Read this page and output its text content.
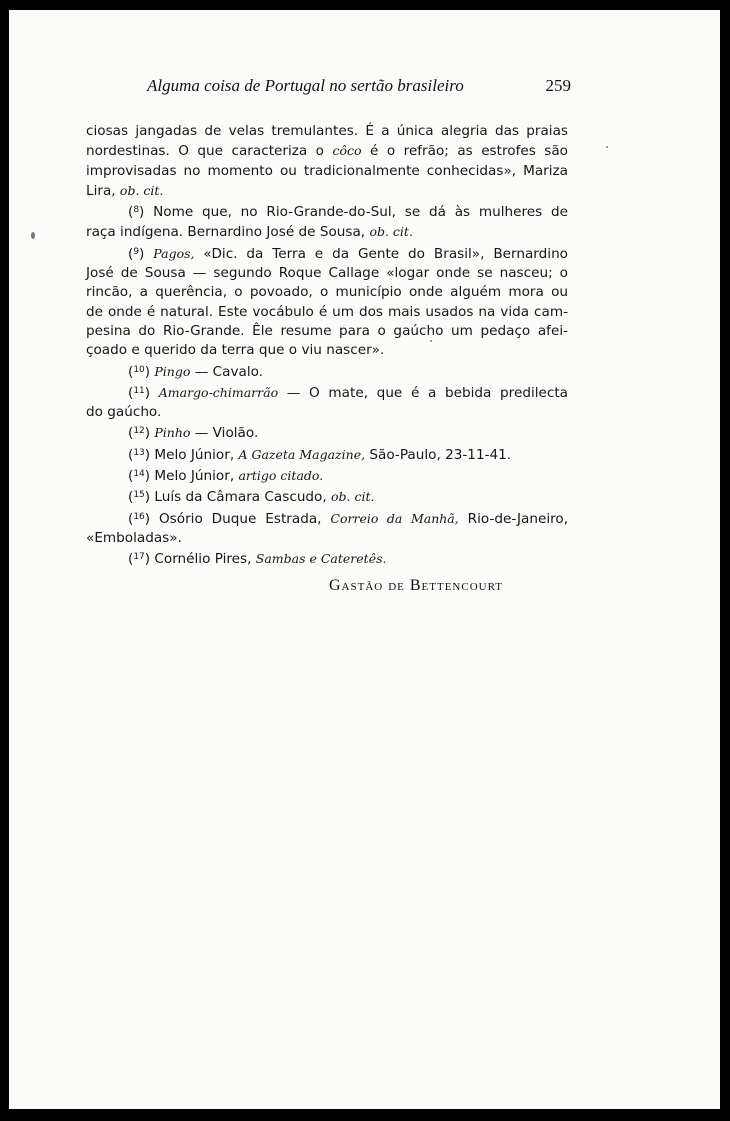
Alguma coisa de Portugal no sertão brasileiro	259

ciosas jangadas de velas tremulantes. É a única alegria das praias

nordestinas. O que caracteriza o côco é o refrão; as estrofes são

improvisadas no momento ou tradicionalmente conhecidas», Mariza

Lira, ob. cit.

($^8$) Nome que, no Rio-Grande-do-Sul, se dá às mulheres de

raça indígena. Bernardino José de Sousa, ob. cit.

($^9$) Pagos, «Dic. da Terra e da Gente do Brasil», Bernardino

José de Sousa — segundo Roque Callage «logar onde se nasceu; o

rincão, a querência, o povoado, o município onde alguém mora ou

de onde é natural. Este vocábulo é um dos mais usados na vida cam-

pesina do Rio-Grande. Êle resume para o gaúcho um pedaço afei-

çoado e querido da terra que o viu nascer».

($^{10}$) Pingo — Cavalo.

($^{11}$) Amargo-chimarrão — O mate, que é a bebida predilecta

do gaúcho.

($^{12}$) Pinho — Violão.

($^{13}$) Melo Júnior, A Gazeta Magazine, São-Paulo, 23-11-41.

($^{14}$) Melo Júnior, artigo citado.

($^{15}$) Luís da Câmara Cascudo, ob. cit.

($^{16}$) Osório Duque Estrada, Correio da Manhã, Rio-de-Janeiro,

«Emboladas».

($^{17}$) Cornélio Pires, Sambas e Cateretês.

Gastão de Bettencourt
